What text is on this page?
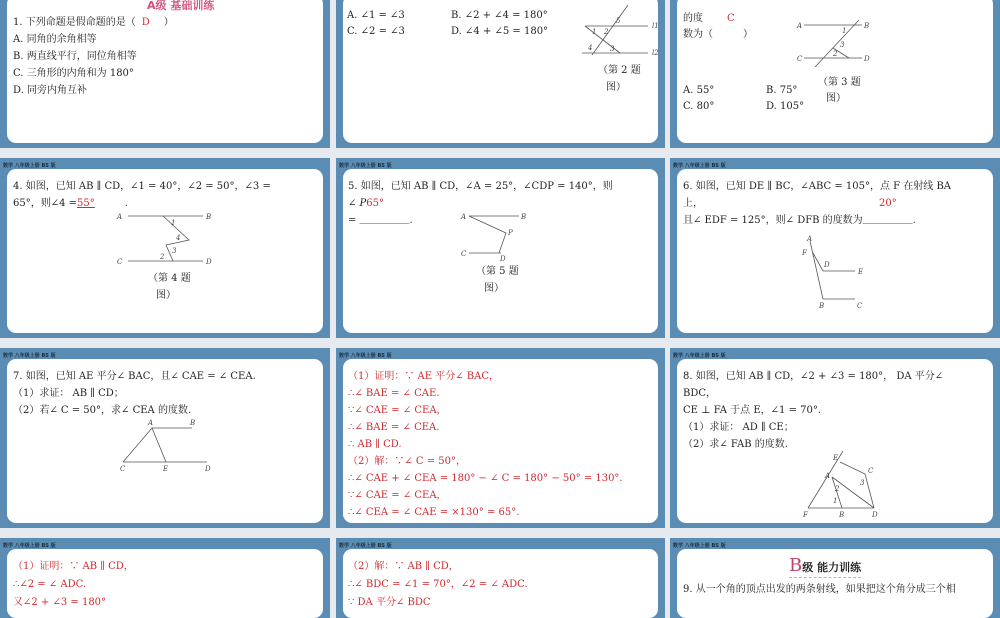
A级 基础训练
1. 下列命题是假命题的是（ D ）
A. 同角的余角相等
B. 两直线平行，同位角相等
C. 三角形的内角和为 180°
D. 同旁内角互补
A. ∠1 = ∠3	B. ∠2 + ∠4 = 180°
C. ∠2 = ∠3	D. ∠4 + ∠5 = 180°	1 2
3
4
5
l1
l2
（第 2 题
图）
的度 C
数为（　　　）
A	B
C	D
1
2
3
（第 3 题
图）
A. 55°	B. 75°
C. 80°	D. 105°
数学 八年级上册 BS 版
4. 如图，已知 AB ∥ CD，∠1 = 40°，∠2 = 50°，∠3 =
65°，则∠4 =55°	.
A	B
C	D
1
2
3
4
（第 4 题
图）
数学 八年级上册 BS 版
5. 如图，已知 AB ∥ CD，∠A = 25°，∠CDP = 140°，则
∠ P65°
= ＿＿＿＿＿.	A	B
P
C
D
（第 5 题
图）
数学 八年级上册 BS 版
6. 如图，已知 DE ∥ BC，∠ABC = 105°，点 F 在射线 BA
上，	20°
且∠ EDF = 125°，则∠ DFB 的度数为＿＿＿＿＿.
A
F
D
E
B	C
数学 八年级上册 BS 版
7. 如图，已知 AE 平分∠ BAC，且∠ CAE = ∠ CEA.
（1）求证： AB ∥ CD；
（2）若∠ C = 50°，求∠ CEA 的度数.
A	B
C	E	D
数学 八年级上册 BS 版
（1）证明：∵ AE 平分∠ BAC，
∴∠ BAE = ∠ CAE.
∵∠ CAE = ∠ CEA，
∴∠ BAE = ∠ CEA.
∴ AB ∥ CD.
（2）解：∵∠ C = 50°，
∴∠ CAE + ∠ CEA = 180° − ∠ C = 180° − 50° = 130°.
∵∠ CAE = ∠ CEA，
∴∠ CEA = ∠ CAE = ×130° = 65°.
数学 八年级上册 BS 版
8. 如图，已知 AB ∥ CD，∠2 + ∠3 = 180°， DA 平分∠
BDC，
CE ⊥ FA 于点 E，∠1 = 70°.
（1）求证： AD ∥ CE；
（2）求∠ FAB 的度数.
E
A
C
2
3
1
F	B	D
数学 八年级上册 BS 版
（1）证明：∵ AB ∥ CD，
∴∠2 = ∠ ADC.
又∠2 + ∠3 = 180°
数学 八年级上册 BS 版
（2）解：∵ AB ∥ CD，
∴∠ BDC = ∠1 = 70°，∠2 = ∠ ADC.
∵ DA 平分∠ BDC
数学 八年级上册 BS 版
B级 能力训练
9. 从一个角的顶点出发的两条射线，如果把这个角分成三个相
